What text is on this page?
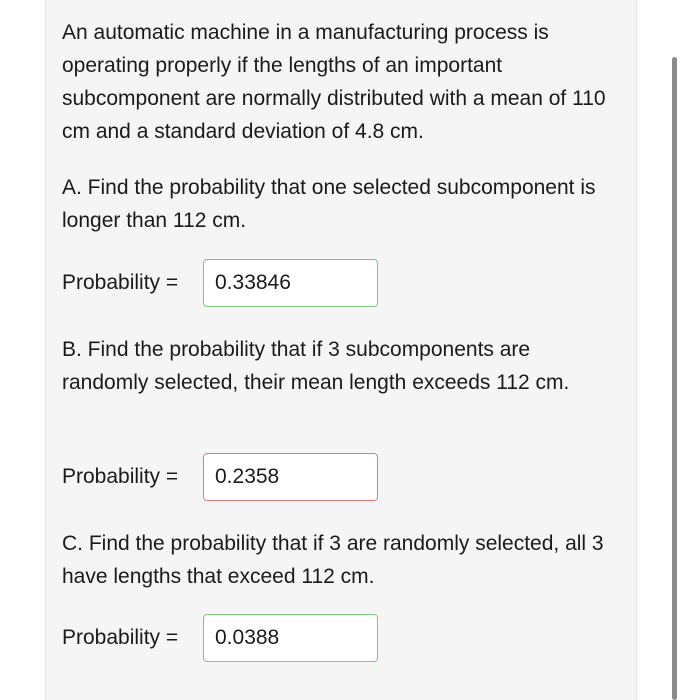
An automatic machine in a manufacturing process is operating properly if the lengths of an important subcomponent are normally distributed with a mean of 110 cm and a standard deviation of 4.8 cm.

A. Find the probability that one selected subcomponent is longer than 112 cm.

Probability =	0.33846

B. Find the probability that if 3 subcomponents are randomly selected, their mean length exceeds 112 cm.

Probability =	0.2358

C. Find the probability that if 3 are randomly selected, all 3 have lengths that exceed 112 cm.

Probability =	0.0388
